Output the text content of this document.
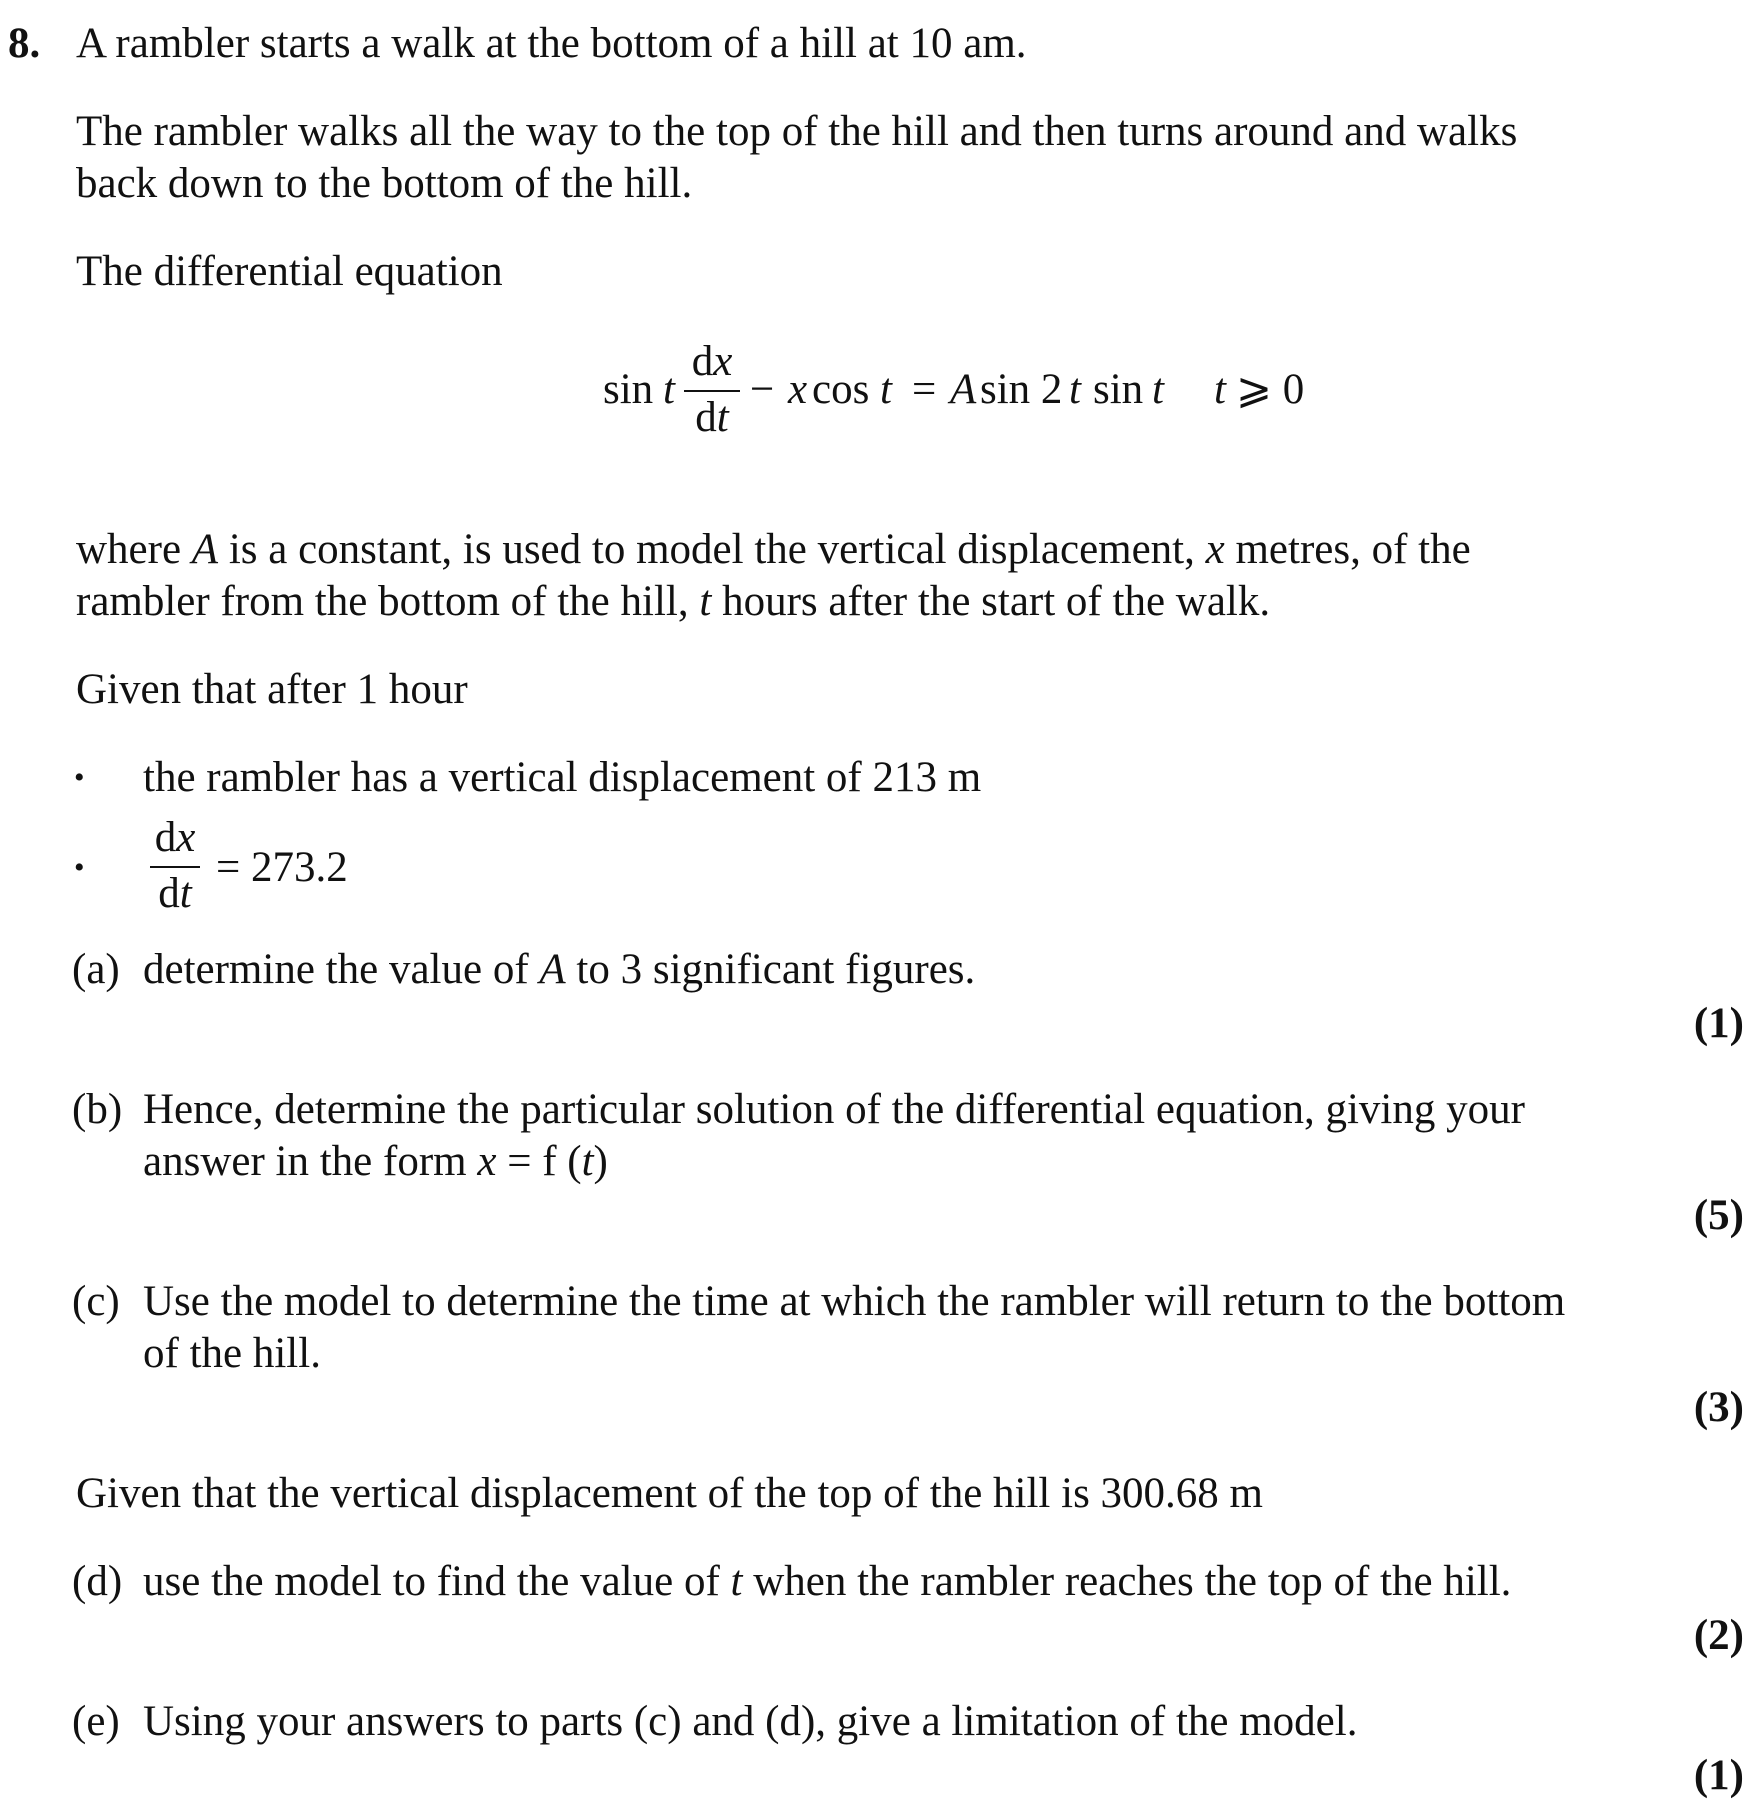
8. A rambler starts a walk at the bottom of a hill at 10 am.
The rambler walks all the way to the top of the hill and then turns around and walks
back down to the bottom of the hill.
The differential equation
sin t
dx
dt
− x cos t = A sin 2 t sin t t ⩾ 0
where A is a constant, is used to model the vertical displacement, x metres, of the
rambler from the bottom of the hill, t hours after the start of the walk.
Given that after 1 hour
• the rambler has a vertical displacement of 213 m
•
dx
dt
= 273.2
(a) determine the value of A to 3 significant figures.
(1)
(b) Hence, determine the particular solution of the differential equation, giving your
answer in the form x = f (t)
(5)
(c) Use the model to determine the time at which the rambler will return to the bottom
of the hill.
(3)
Given that the vertical displacement of the top of the hill is 300.68 m
(d) use the model to find the value of t when the rambler reaches the top of the hill.
(2)
(e) Using your answers to parts (c) and (d), give a limitation of the model.
(1)
